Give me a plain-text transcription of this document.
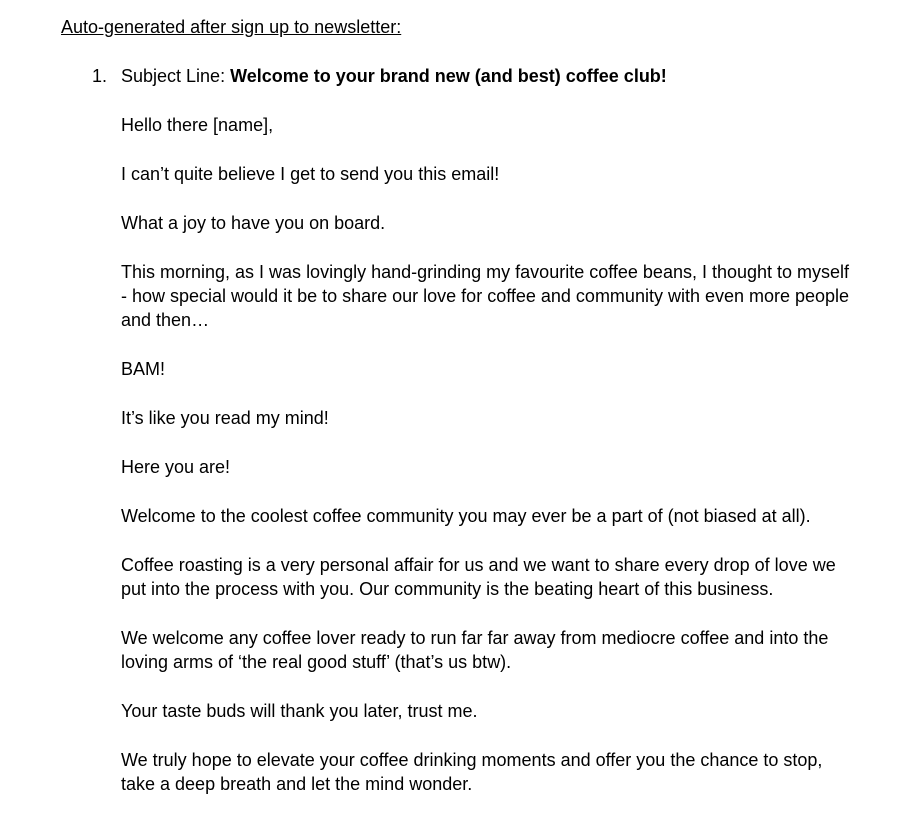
Auto-generated after sign up to newsletter:

1. Subject Line: Welcome to your brand new (and best) coffee club!

Hello there [name],

I can’t quite believe I get to send you this email!

What a joy to have you on board.

This morning, as I was lovingly hand-grinding my favourite coffee beans, I thought to myself - how special would it be to share our love for coffee and community with even more people and then…

BAM!

It’s like you read my mind!

Here you are!

Welcome to the coolest coffee community you may ever be a part of (not biased at all).

Coffee roasting is a very personal affair for us and we want to share every drop of love we put into the process with you. Our community is the beating heart of this business.

We welcome any coffee lover ready to run far far away from mediocre coffee and into the loving arms of ‘the real good stuff’ (that’s us btw).

Your taste buds will thank you later, trust me.

We truly hope to elevate your coffee drinking moments and offer you the chance to stop, take a deep breath and let the mind wonder.
